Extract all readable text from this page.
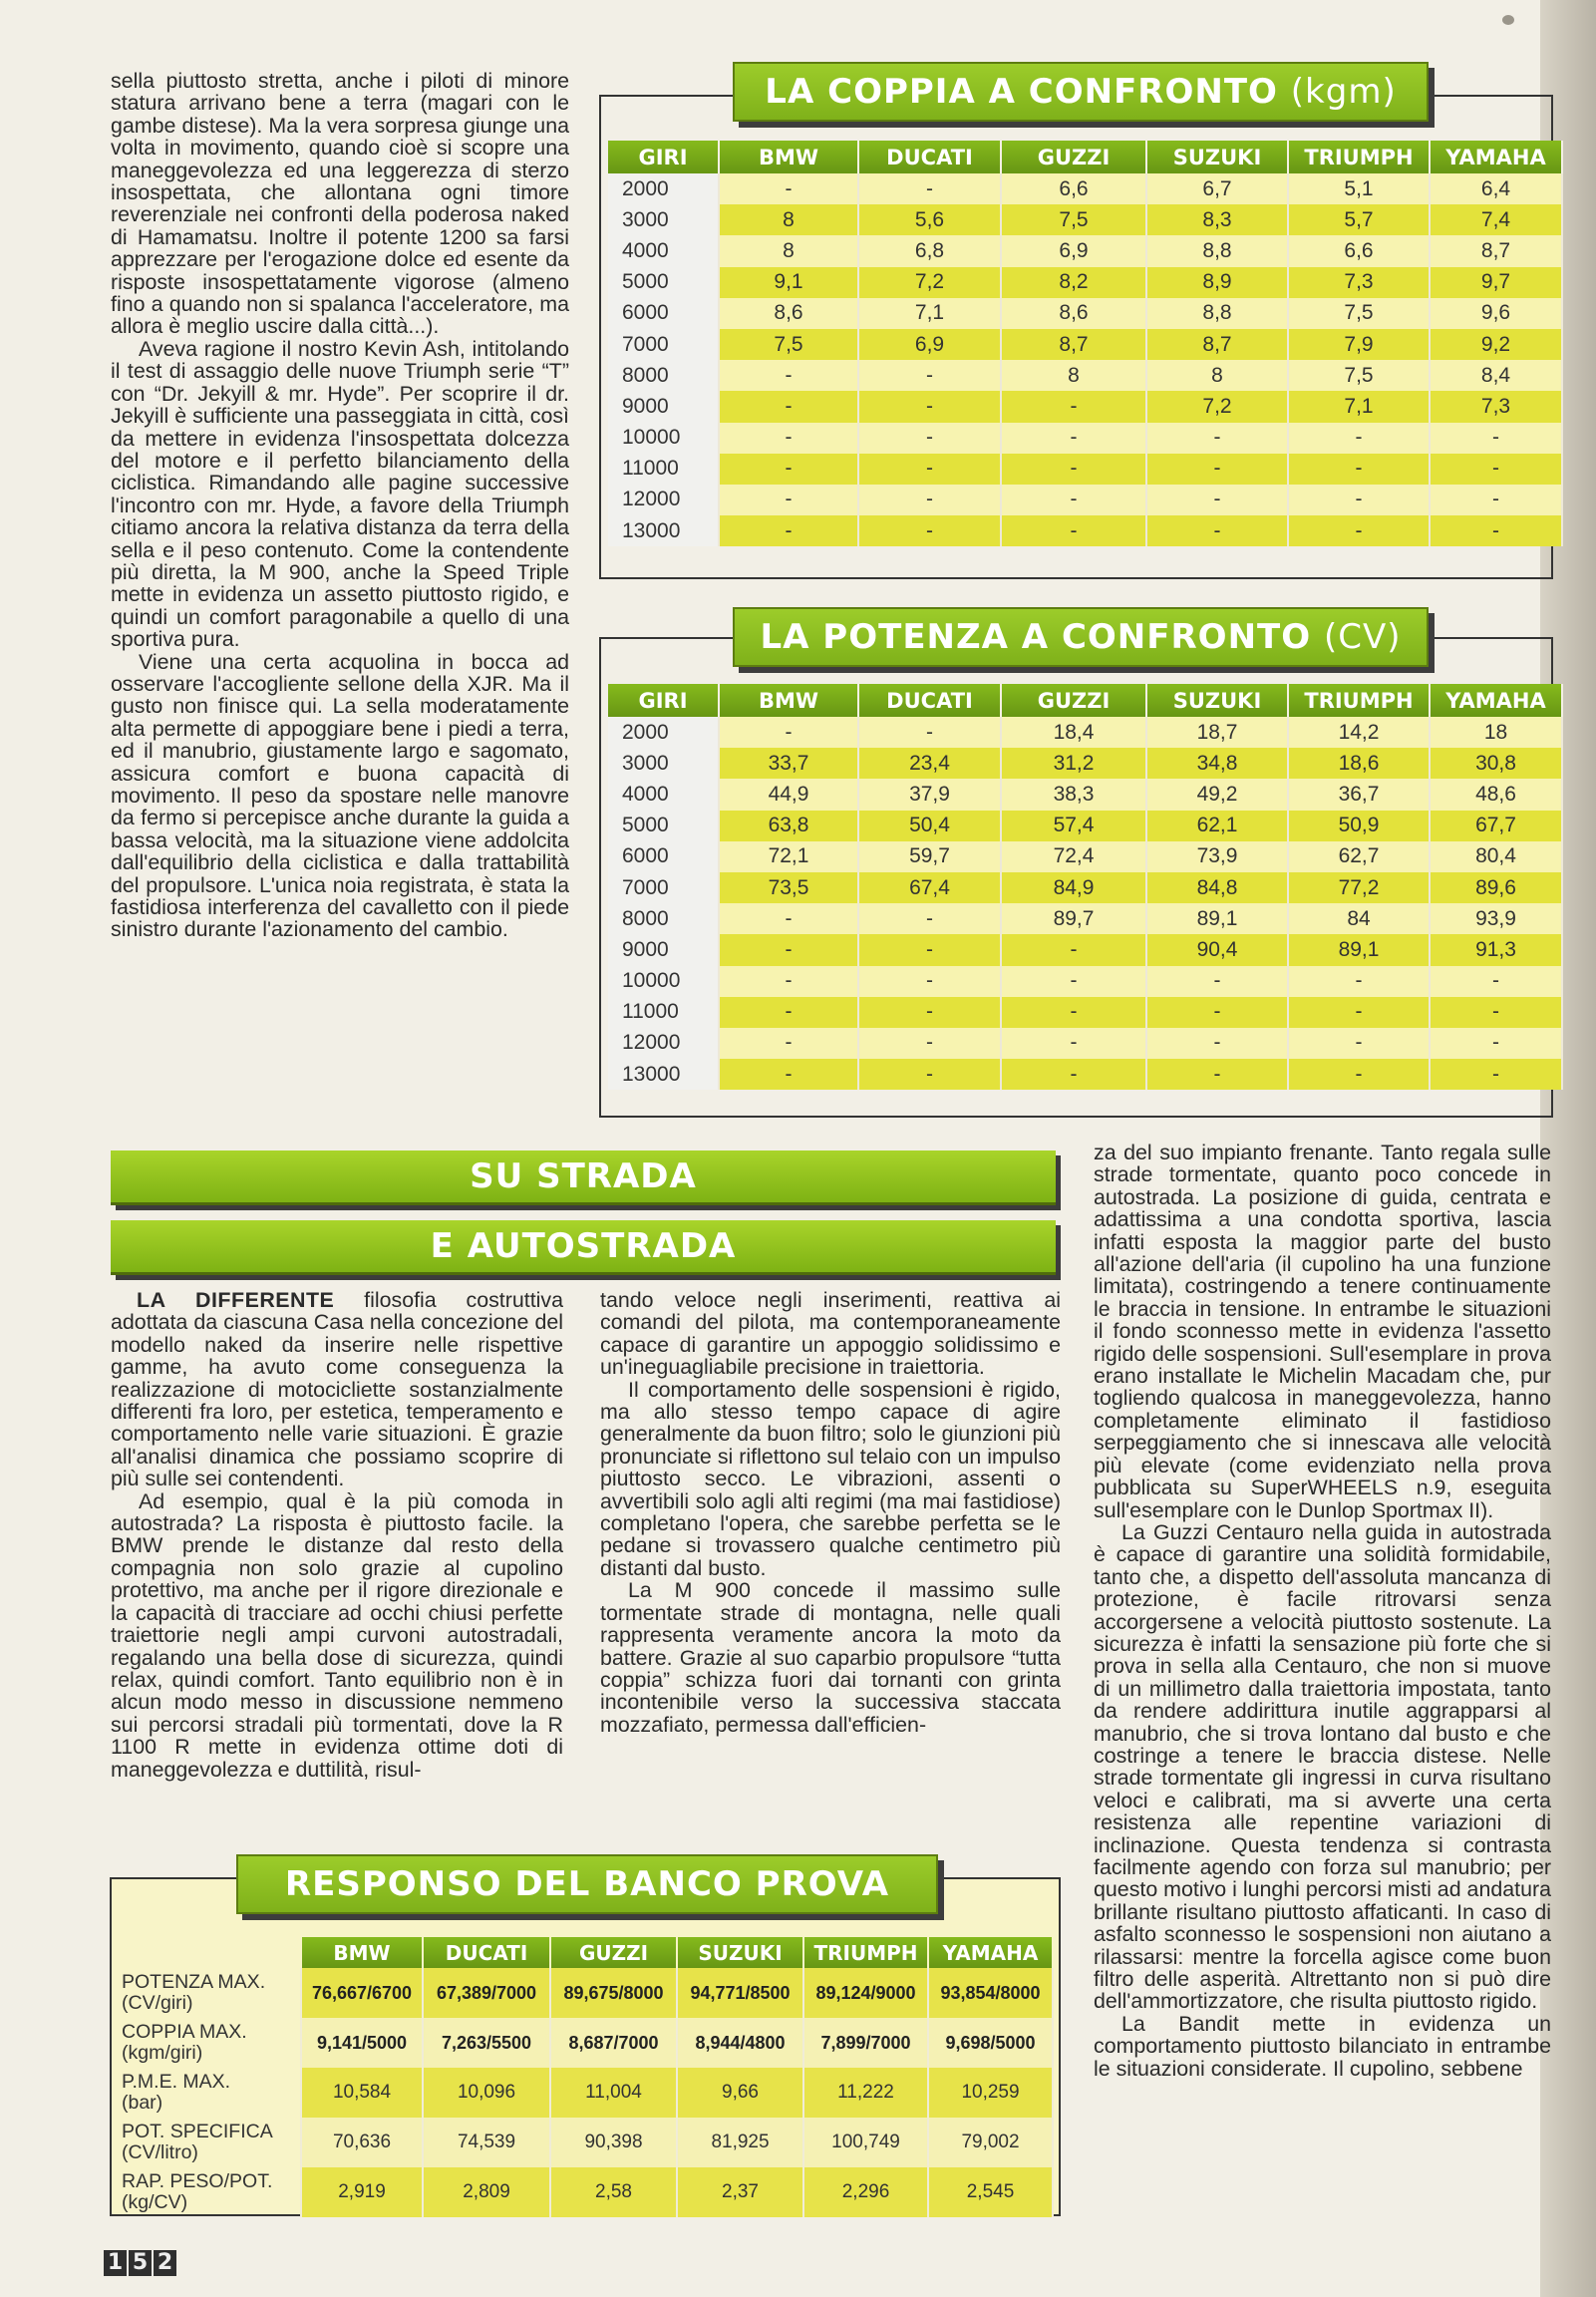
sella piuttosto stretta, anche i piloti di minore statura arrivano bene a terra (magari con le gambe distese). Ma la vera sorpresa giunge una volta in movimento, quando cioè si scopre una maneggevolezza ed una leggerezza di sterzo insospettata, che allontana ogni timore reverenziale nei confronti della poderosa naked di Hamamatsu. Inoltre il potente 1200 sa farsi apprezzare per l'erogazione dolce ed esente da risposte insospettatamente vigorose (almeno fino a quando non si spalanca l'acceleratore, ma allora è meglio uscire dalla città...).

Aveva ragione il nostro Kevin Ash, intitolando il test di assaggio delle nuove Triumph serie “T” con “Dr. Jekyill & mr. Hyde”. Per scoprire il dr. Jekyill è sufficiente una passeggiata in città, così da mettere in evidenza l'insospettata dolcezza del motore e il perfetto bilanciamento della ciclistica. Rimandando alle pagine successive l'incontro con mr. Hyde, a favore della Triumph citiamo ancora la relativa distanza da terra della sella e il peso contenuto. Come la contendente più diretta, la M 900, anche la Speed Triple mette in evidenza un assetto piuttosto rigido, e quindi un comfort paragonabile a quello di una sportiva pura.

Viene una certa acquolina in bocca ad osservare l'accogliente sellone della XJR. Ma il gusto non finisce qui. La sella moderatamente alta permette di appoggiare bene i piedi a terra, ed il manubrio, giustamente largo e sagomato, assicura comfort e buona capacità di movimento. Il peso da spostare nelle manovre da fermo si percepisce anche durante la guida a bassa velocità, ma la situazione viene addolcita dall'equilibrio della ciclistica e dalla trattabilità del propulsore. L'unica noia registrata, è stata la fastidiosa interferenza del cavalletto con il piede sinistro durante l'azionamento del cambio.

LA COPPIA A CONFRONTO (kgm)
GIRI	BMW	DUCATI	GUZZI	SUZUKI	TRIUMPH	YAMAHA
2000	-	-	6,6	6,7	5,1	6,4
3000	8	5,6	7,5	8,3	5,7	7,4
4000	8	6,8	6,9	8,8	6,6	8,7
5000	9,1	7,2	8,2	8,9	7,3	9,7
6000	8,6	7,1	8,6	8,8	7,5	9,6
7000	7,5	6,9	8,7	8,7	7,9	9,2
8000	-	-	8	8	7,5	8,4
9000	-	-	-	7,2	7,1	7,3
10000	-	-	-	-	-	-
11000	-	-	-	-	-	-
12000	-	-	-	-	-	-
13000	-	-	-	-	-	-
LA POTENZA A CONFRONTO (CV)
GIRI	BMW	DUCATI	GUZZI	SUZUKI	TRIUMPH	YAMAHA
2000	-	-	18,4	18,7	14,2	18
3000	33,7	23,4	31,2	34,8	18,6	30,8
4000	44,9	37,9	38,3	49,2	36,7	48,6
5000	63,8	50,4	57,4	62,1	50,9	67,7
6000	72,1	59,7	72,4	73,9	62,7	80,4
7000	73,5	67,4	84,9	84,8	77,2	89,6
8000	-	-	89,7	89,1	84	93,9
9000	-	-	-	90,4	89,1	91,3
10000	-	-	-	-	-	-
11000	-	-	-	-	-	-
12000	-	-	-	-	-	-
13000	-	-	-	-	-	-
SU STRADA
E AUTOSTRADA

LA DIFFERENTE filosofia costruttiva adottata da ciascuna Casa nella concezione del modello naked da inserire nelle rispettive gamme, ha avuto come conseguenza la realizzazione di motocicliette sostanzialmente differenti fra loro, per estetica, temperamento e comportamento nelle varie situazioni. È grazie all'analisi dinamica che possiamo scoprire di più sulle sei contendenti.

Ad esempio, qual è la più comoda in autostrada? La risposta è piuttosto facile. la BMW prende le distanze dal resto della compagnia non solo grazie al cupolino protettivo, ma anche per il rigore direzionale e la capacità di tracciare ad occhi chiusi perfette traiettorie negli ampi curvoni autostradali, regalando una bella dose di sicurezza, quindi relax, quindi comfort. Tanto equilibrio non è in alcun modo messo in discussione nemmeno sui percorsi stradali più tormentati, dove la R 1100 R mette in evidenza ottime doti di maneggevolezza e duttilità, risul-

tando veloce negli inserimenti, reattiva ai comandi del pilota, ma contemporaneamente capace di garantire un appoggio solidissimo e un'ineguagliabile precisione in traiettoria.

Il comportamento delle sospensioni è rigido, ma allo stesso tempo capace di agire generalmente da buon filtro; solo le giunzioni più pronunciate si riflettono sul telaio con un impulso piuttosto secco. Le vibrazioni, assenti o avvertibili solo agli alti regimi (ma mai fastidiose) completano l'opera, che sarebbe perfetta se le pedane si trovassero qualche centimetro più distanti dal busto.

La M 900 concede il massimo sulle tormentate strade di montagna, nelle quali rappresenta veramente ancora la moto da battere. Grazie al suo caparbio propulsore “tutta coppia” schizza fuori dai tornanti con grinta incontenibile verso la successiva staccata mozzafiato, permessa dall'efficien-

za del suo impianto frenante. Tanto regala sulle strade tormentate, quanto poco concede in autostrada. La posizione di guida, centrata e adattissima a una condotta sportiva, lascia infatti esposta la maggior parte del busto all'azione dell'aria (il cupolino ha una funzione limitata), costringendo a tenere continuamente le braccia in tensione. In entrambe le situazioni il fondo sconnesso mette in evidenza l'assetto rigido delle sospensioni. Sull'esemplare in prova erano installate le Michelin Macadam che, pur togliendo qualcosa in maneggevolezza, hanno completamente eliminato il fastidioso serpeggiamento che si innescava alle velocità più elevate (come evidenziato nella prova pubblicata su SuperWHEELS n.9, eseguita sull'esemplare con le Dunlop Sportmax II).

La Guzzi Centauro nella guida in autostrada è capace di garantire una solidità formidabile, tanto che, a dispetto dell'assoluta mancanza di protezione, è facile ritrovarsi senza accorgersene a velocità piuttosto sostenute. La sicurezza è infatti la sensazione più forte che si prova in sella alla Centauro, che non si muove di un millimetro dalla traiettoria impostata, tanto da rendere addirittura inutile aggrapparsi al manubrio, che si trova lontano dal busto e che costringe a tenere le braccia distese. Nelle strade tormentate gli ingressi in curva risultano veloci e calibrati, ma si avverte una certa resistenza alle repentine variazioni di inclinazione. Questa tendenza si contrasta facilmente agendo con forza sul manubrio; per questo motivo i lunghi percorsi misti ad andatura brillante risultano piuttosto affaticanti. In caso di asfalto sconnesso le sospensioni non aiutano a rilassarsi: mentre la forcella agisce come buon filtro delle asperità. Altrettanto non si può dire dell'ammortizzatore, che risulta piuttosto rigido.

La Bandit mette in evidenza un comportamento piuttosto bilanciato in entrambe le situazioni considerate. Il cupolino, sebbene

RESPONSO DEL BANCO PROVA
	BMW	DUCATI	GUZZI	SUZUKI	TRIUMPH	YAMAHA
POTENZA MAX.
(CV/giri)	76,667/6700	67,389/7000	89,675/8000	94,771/8500	89,124/9000	93,854/8000
COPPIA MAX.
(kgm/giri)	9,141/5000	7,263/5500	8,687/7000	8,944/4800	7,899/7000	9,698/5000
P.M.E. MAX.
(bar)	10,584	10,096	11,004	9,66	11,222	10,259
POT. SPECIFICA
(CV/litro)	70,636	74,539	90,398	81,925	100,749	79,002
RAP. PESO/POT.
(kg/CV)	2,919	2,809	2,58	2,37	2,296	2,545
1 5 2
